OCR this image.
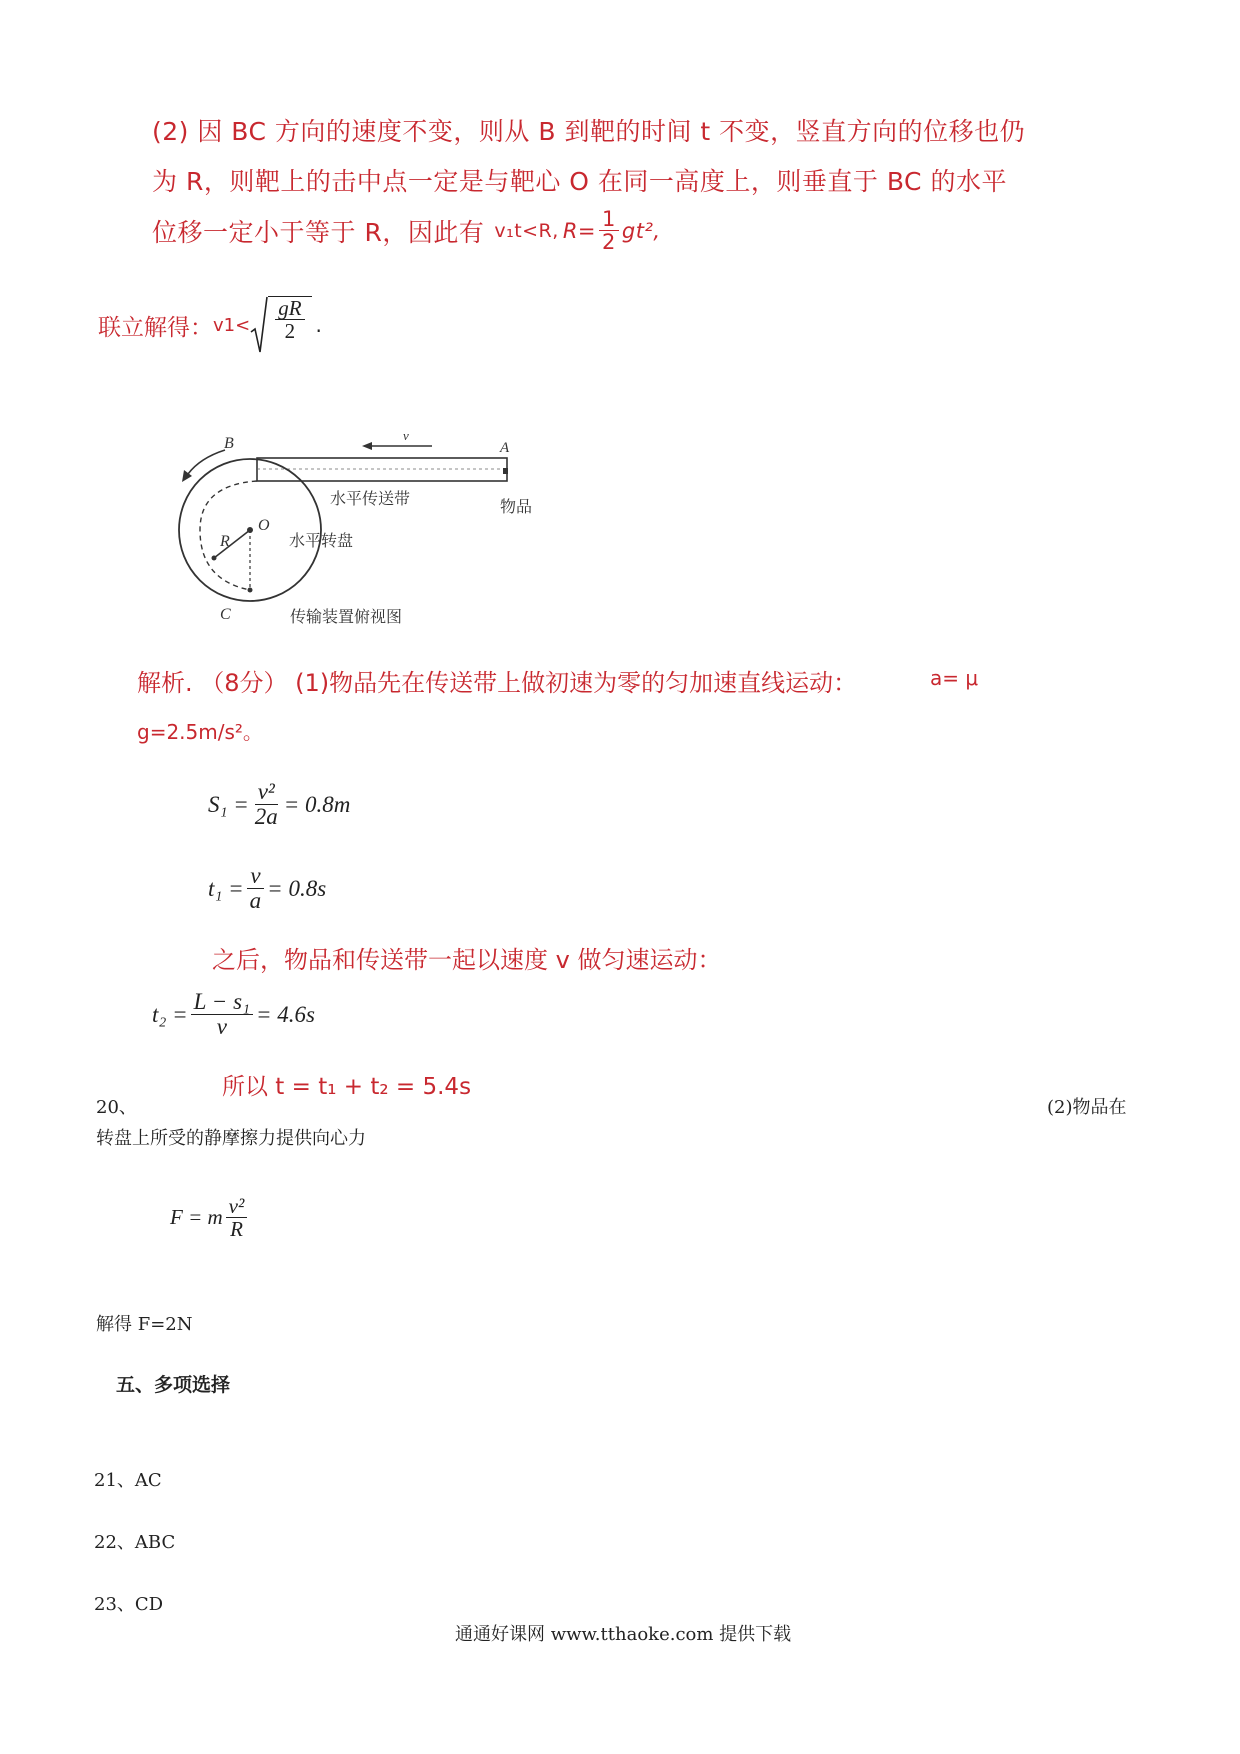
(2) 因 BC 方向的速度不变，则从 B 到靶的时间 t 不变，竖直方向的位移也仍
为 R，则靶上的击中点一定是与靶心 O 在同一高度上，则垂直于 BC 的水平
位移一定小于等于 R，因此有 v₁t<R, $R= \frac{1}{2} gt^2$,
联立解得： $v1< \frac{gR}{2}$ .
B	A
v
水平传送带	物品
O
R	水平转盘
C	传输装置俯视图
解析. （8分） (1)物品先在传送带上做初速为零的匀加速直线运动：	a= μ
g=2.5m/s²。
$S_1 = \frac{\text{v²}}{2a} = 0.8m$
$t_1 = \frac{v}{a} = 0.8s$
之后，物品和传送带一起以速度 v 做匀速运动：
$t_2 = \frac{\text{L − s₁}}{v} = 4.6s$
所以 t = t₁ + t₂ = 5.4s
20、	(2)物品在
转盘上所受的静摩擦力提供向心力
F = m $\frac{\text{v²}}{R}$
解得 F=2N
五、多项选择
21、AC
22、ABC
23、CD
通通好课网 www.tthaoke.com 提供下载
